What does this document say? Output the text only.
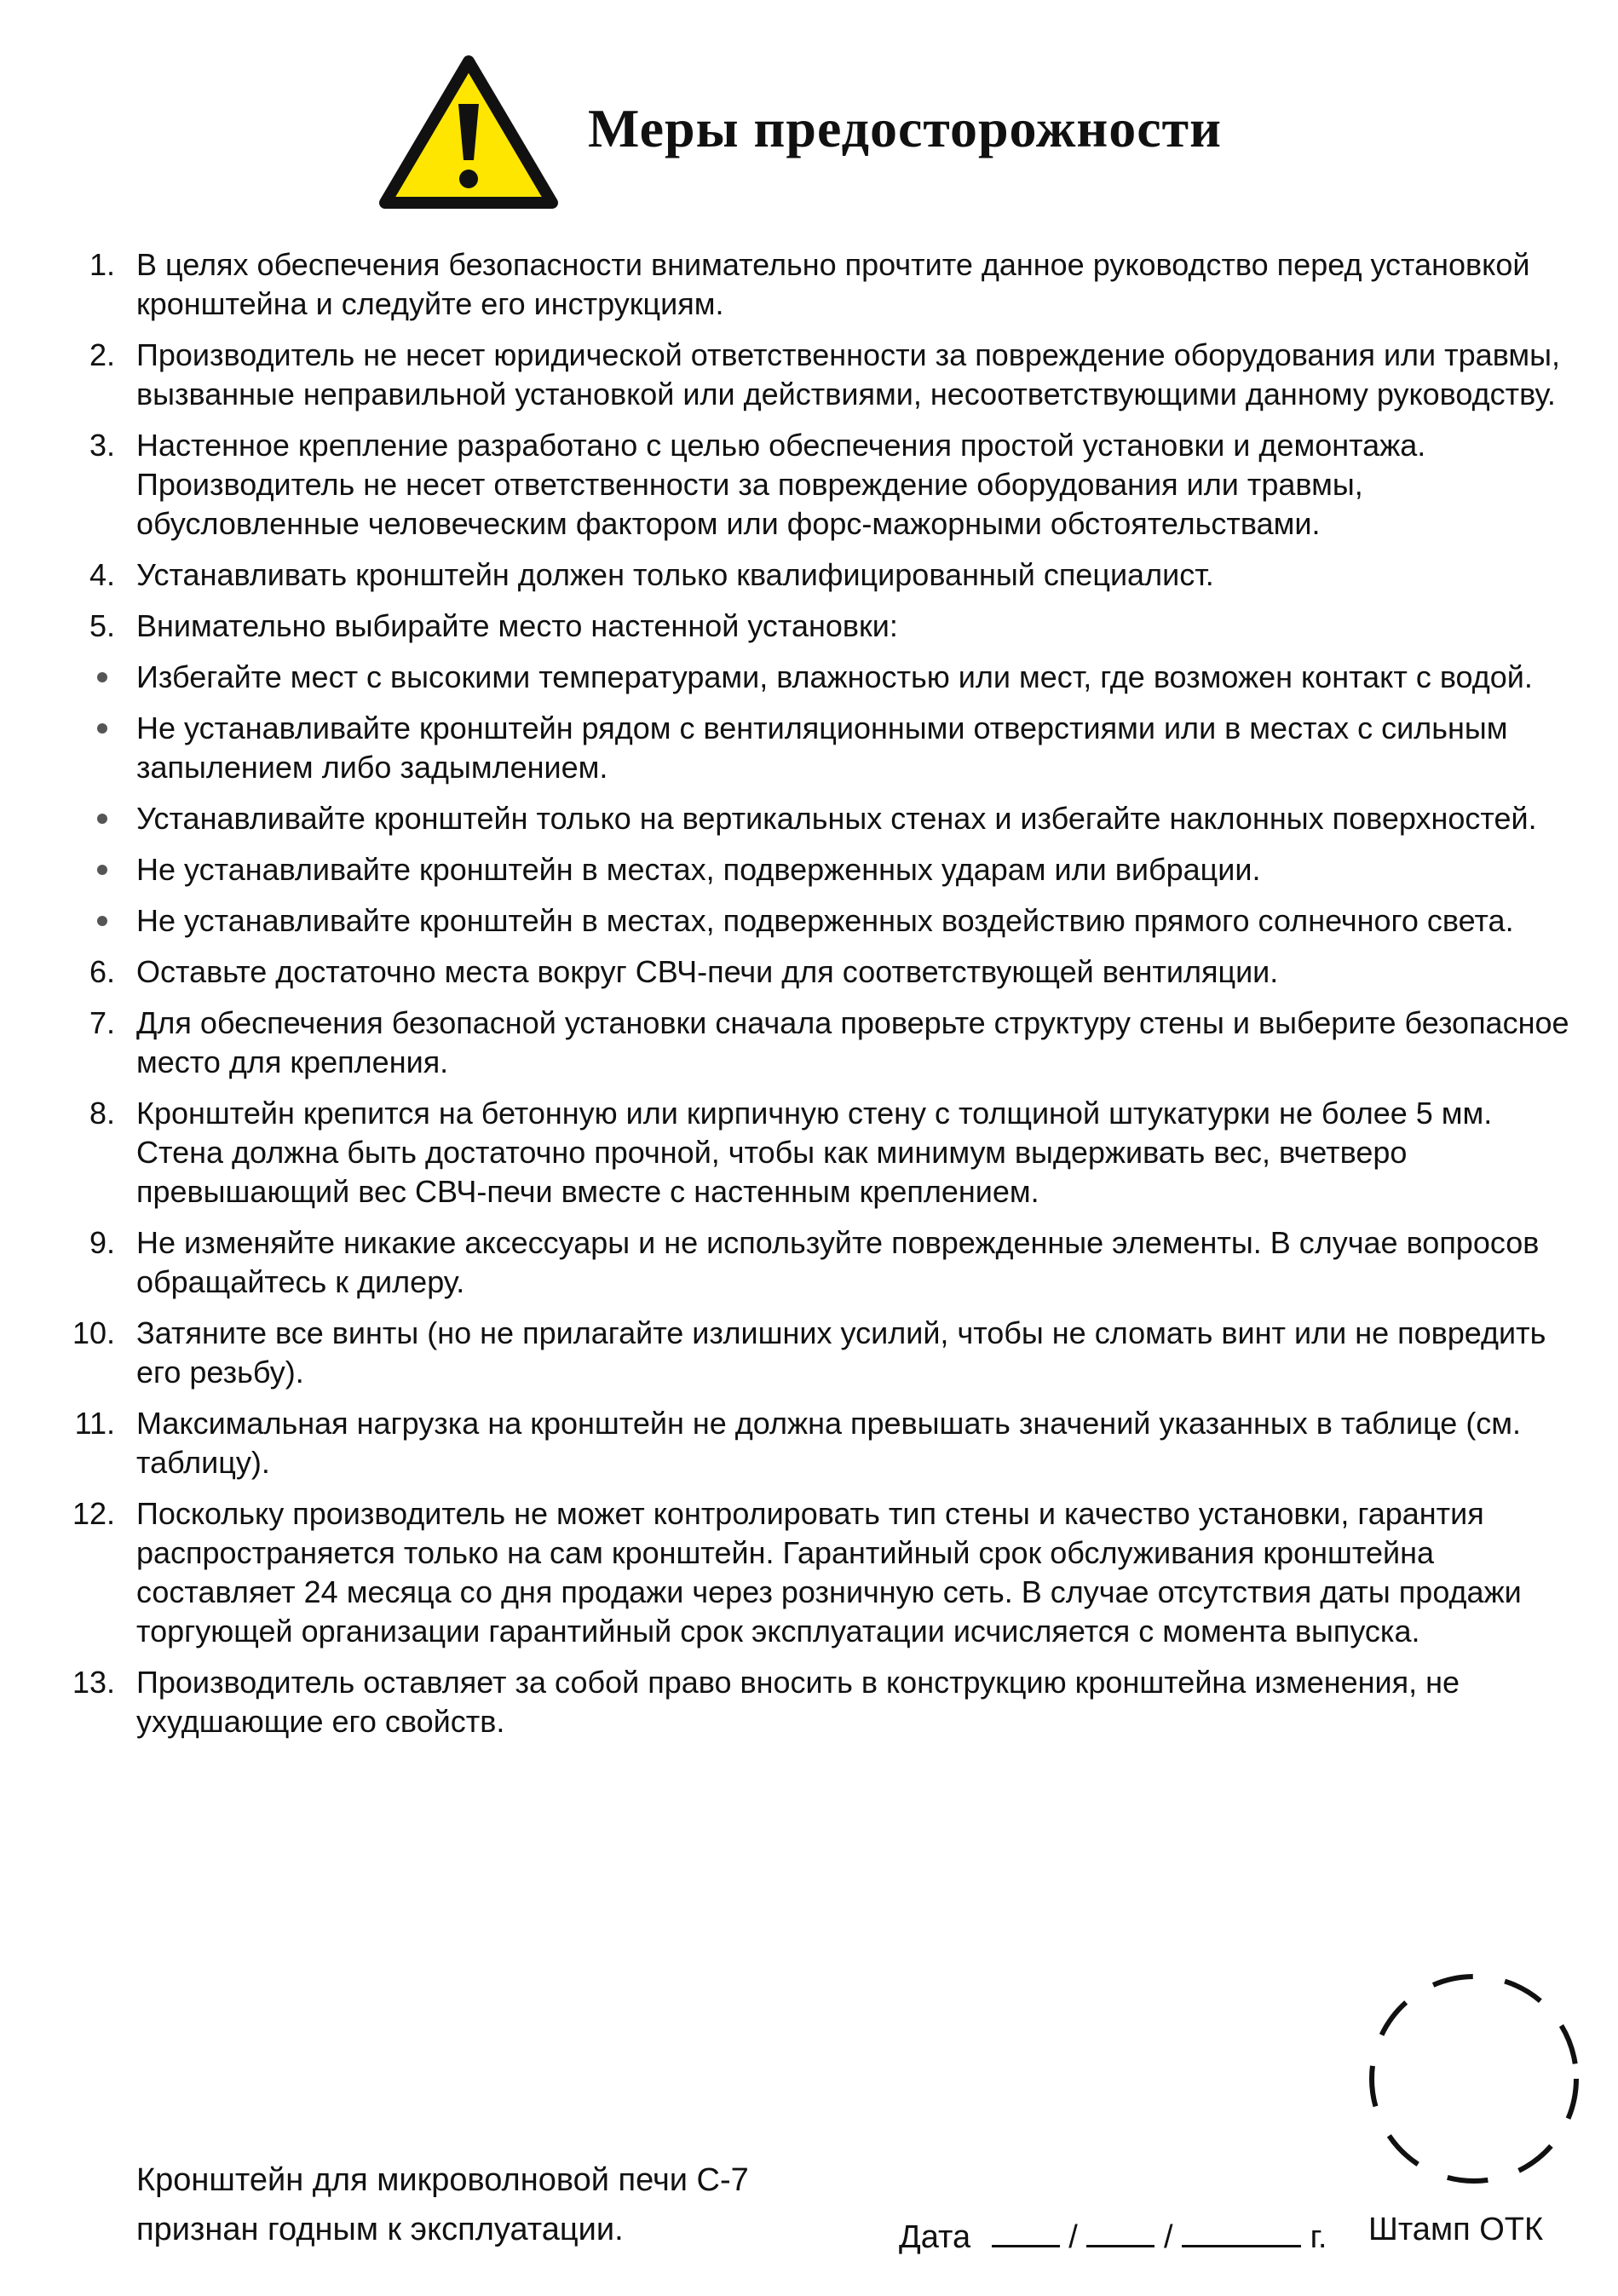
Меры предосторожности
1. В целях обеспечения безопасности внимательно прочтите данное руководство перед установкой кронштейна и следуйте его инструкциям.
2. Производитель не несет юридической ответственности за повреждение оборудования или травмы, вызванные неправильной установкой или действиями, несоответствующими данному руководству.
3. Настенное крепление разработано с целью обеспечения простой установки и демонтажа. Производитель не несет ответственности за повреждение оборудования или травмы, обусловленные человеческим фактором или форс-мажорными обстоятельствами.
4. Устанавливать кронштейн должен только квалифицированный специалист.
5. Внимательно выбирайте место настенной установки:
Избегайте мест с высокими температурами, влажностью или мест, где возможен контакт с водой.
Не устанавливайте кронштейн рядом с вентиляционными отверстиями или в местах с сильным запылением либо задымлением.
Устанавливайте кронштейн только на вертикальных стенах и избегайте наклонных поверхностей.
Не устанавливайте кронштейн в местах, подверженных ударам или вибрации.
Не устанавливайте кронштейн в местах, подверженных воздействию прямого солнечного света.
6. Оставьте достаточно места вокруг СВЧ-печи для соответствующей вентиляции.
7. Для обеспечения безопасной установки сначала проверьте структуру стены и выберите безопасное место для крепления.
8. Кронштейн крепится на бетонную или кирпичную стену с толщиной штукатурки не более 5 мм. Стена должна быть достаточно прочной, чтобы как минимум выдерживать вес, вчетверо превышающий вес СВЧ-печи вместе с настенным креплением.
9. Не изменяйте никакие аксессуары и не используйте поврежденные элементы. В случае вопросов обращайтесь к дилеру.
10. Затяните все винты (но не прилагайте излишних усилий, чтобы не сломать винт или не повредить его резьбу).
11. Максимальная нагрузка на кронштейн не должна превышать значений указанных в таблице (см. таблицу).
12. Поскольку производитель не может контролировать тип стены и качество установки, гарантия распространяется только на сам кронштейн. Гарантийный срок обслуживания кронштейна составляет 24 месяца со дня продажи через розничную сеть. В случае отсутствия даты продажи торгующей организации гарантийный срок эксплуатации исчисляется с момента выпуска.
13. Производитель оставляет за собой право вносить в конструкцию кронштейна изменения, не ухудшающие его свойств.
Кронштейн для микроволновой печи С-7
признан годным к эксплуатации.	Дата	/	/	г. Штамп ОТК
